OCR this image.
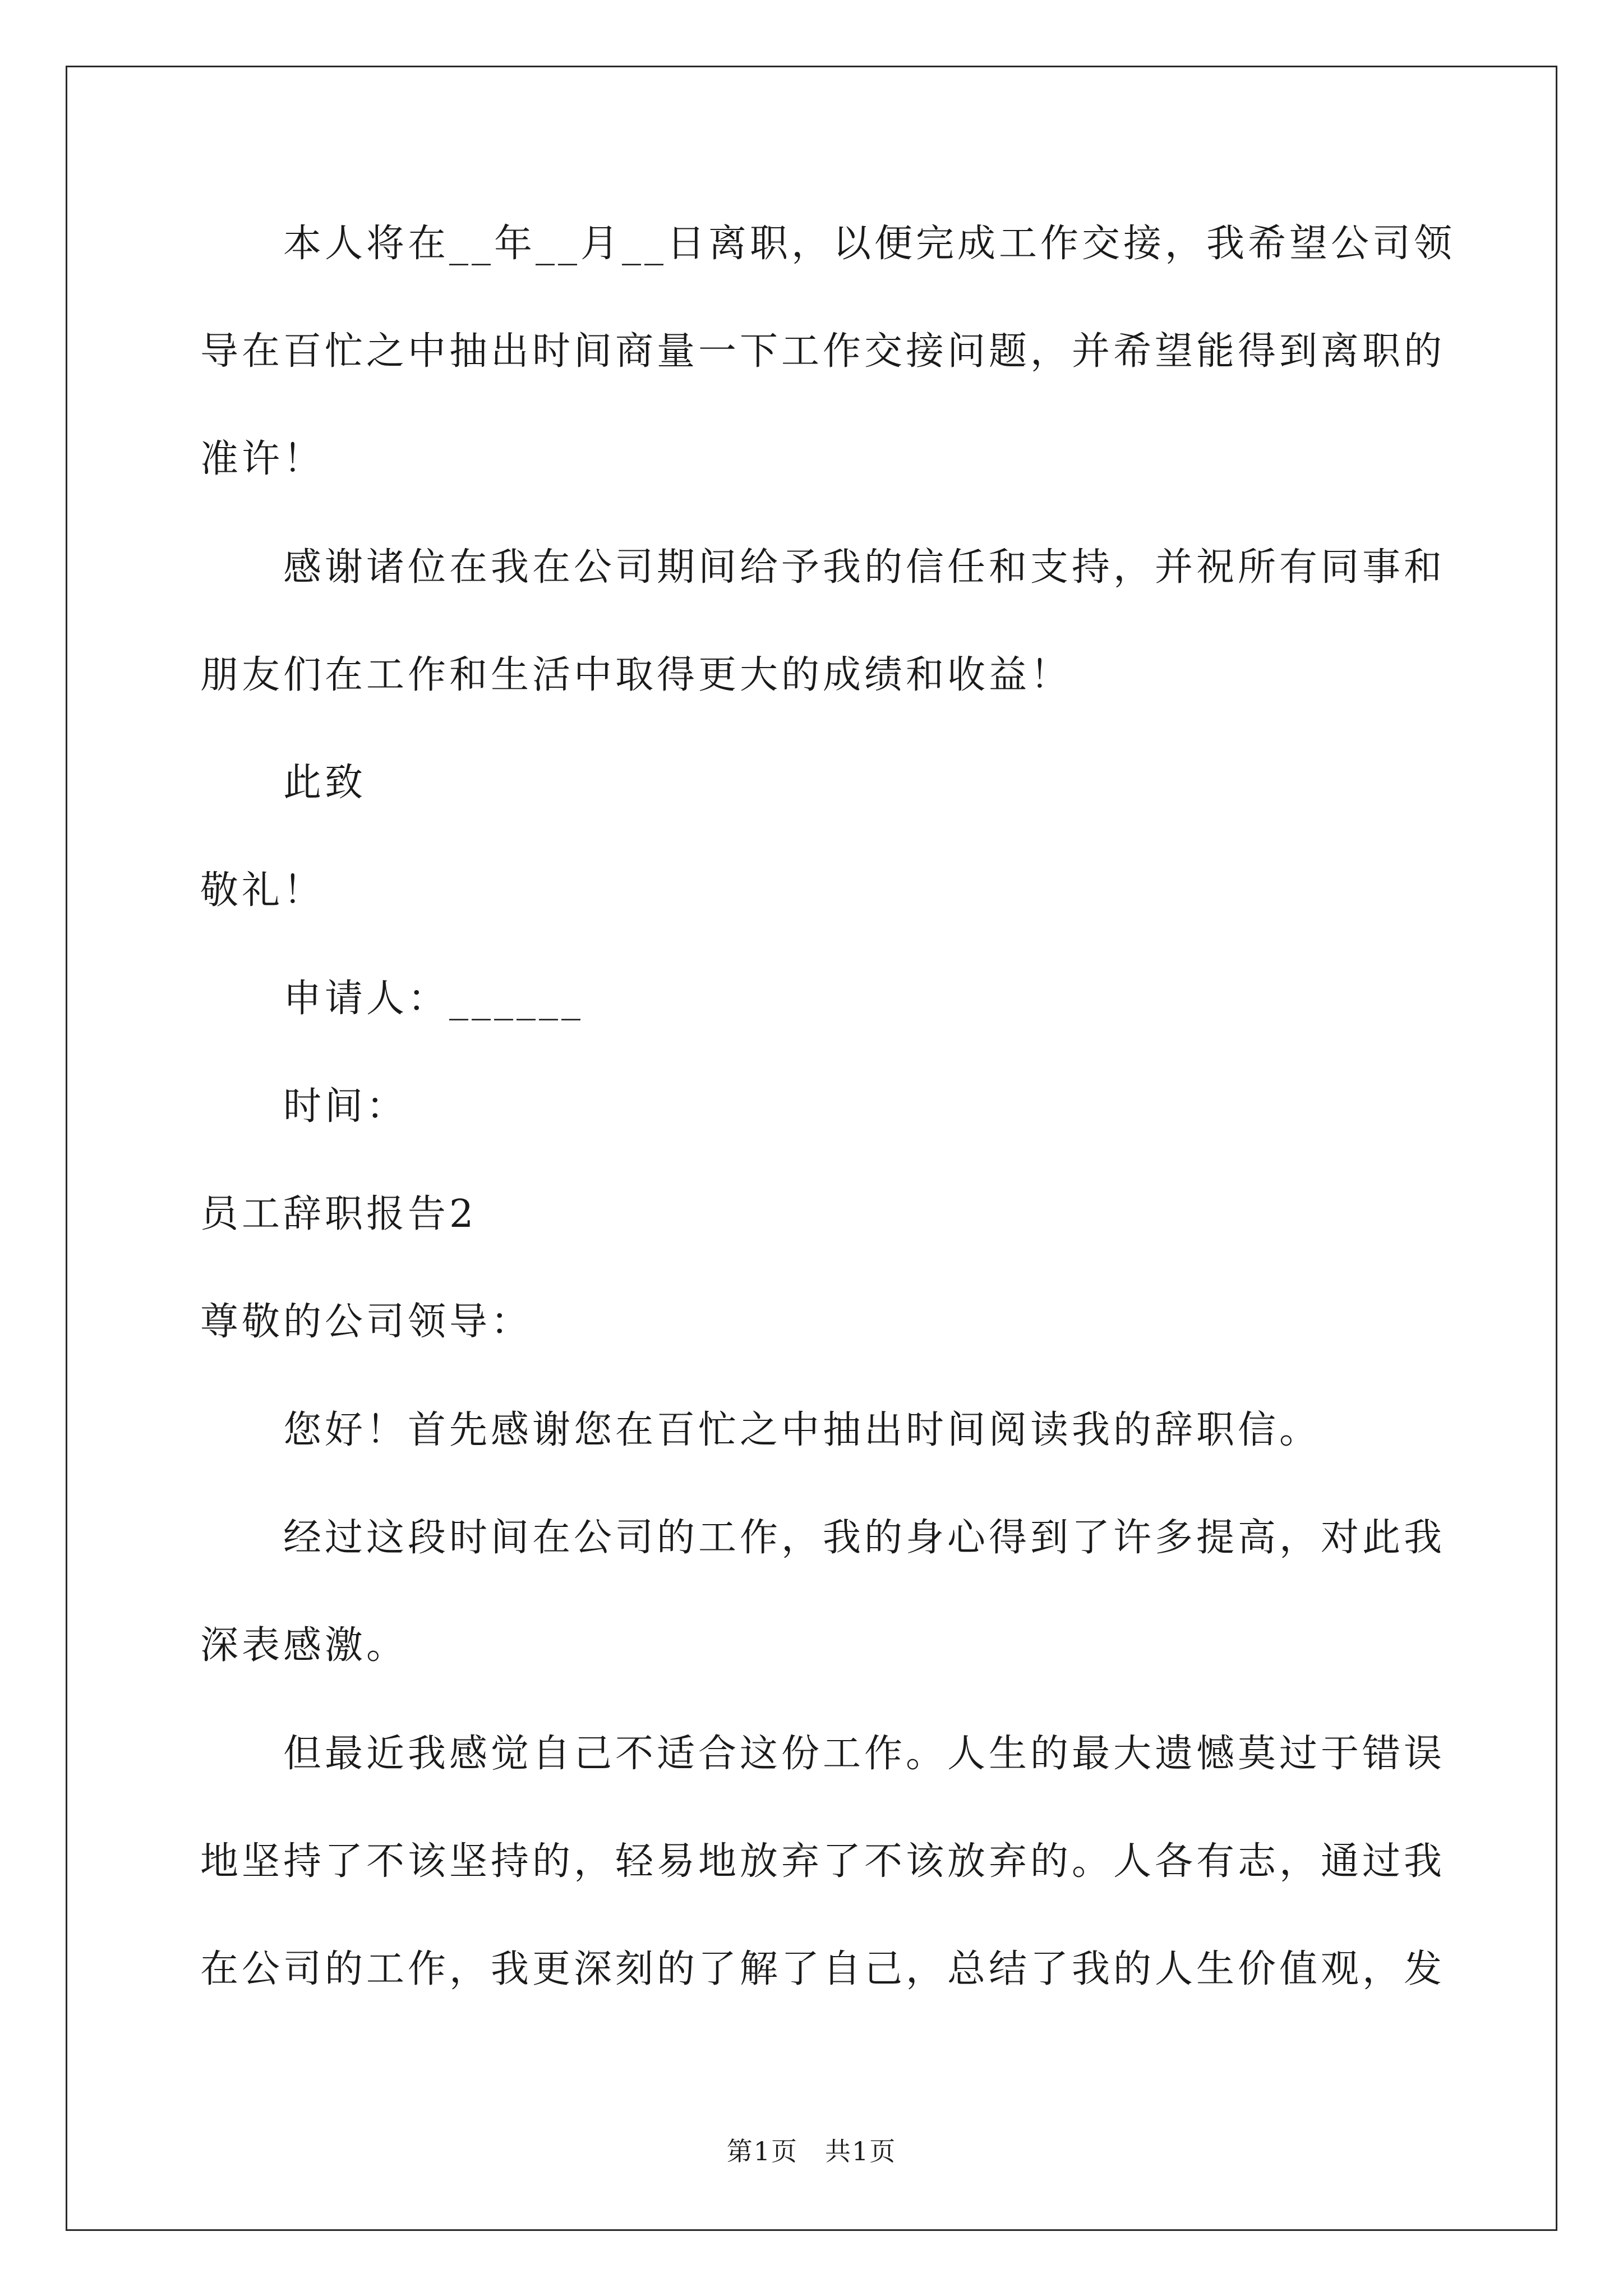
本人将在__年__月__日离职，以便完成工作交接，我希望公司领
导在百忙之中抽出时间商量一下工作交接问题，并希望能得到离职的
准许！
感谢诸位在我在公司期间给予我的信任和支持，并祝所有同事和
朋友们在工作和生活中取得更大的成绩和收益！
此致
敬礼！
申请人：______
时间：
员工辞职报告2
尊敬的公司领导：
您好！首先感谢您在百忙之中抽出时间阅读我的辞职信。
经过这段时间在公司的工作，我的身心得到了许多提高，对此我
深表感激。
但最近我感觉自己不适合这份工作。人生的最大遗憾莫过于错误
地坚持了不该坚持的，轻易地放弃了不该放弃的。人各有志，通过我
在公司的工作，我更深刻的了解了自己，总结了我的人生价值观，发
第1页　共1页
